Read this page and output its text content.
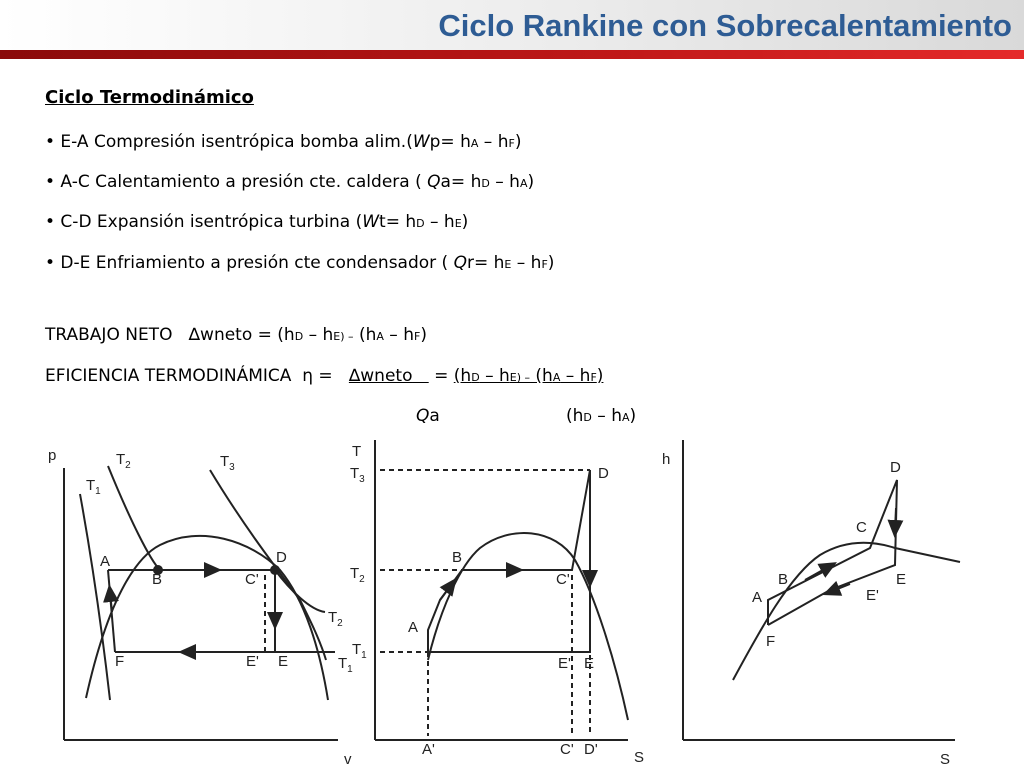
Ciclo Rankine con Sobrecalentamiento
Ciclo Termodinámico
• E-A Compresión isentrópica bomba alim.(Wp= hA – hF)
• A-C Calentamiento a presión cte. caldera ( Qa= hD – hA)
• C-D Expansión isentrópica turbina (Wt= hD – hE)
• D-E Enfriamiento a presión cte condensador ( Qr= hE – hF)
TRABAJO NETO ∆wneto = (hD – hE) – (hA – hF)
EFICIENCIA TERMODINÁMICA η = ∆wneto = (hD – hE) – (hA – hF)
Qa	(hD – hA)
p
v
$T_1$
$T_2$	$T_3$
$T_2$
$T_1$
A
B	C'
D
E' E
F
T
S
$T_3$
$T_2$
$T_1$
A
B
C'
D
E' E
A'	C' D'
h
S
A
B
C
D
E
E'
F
